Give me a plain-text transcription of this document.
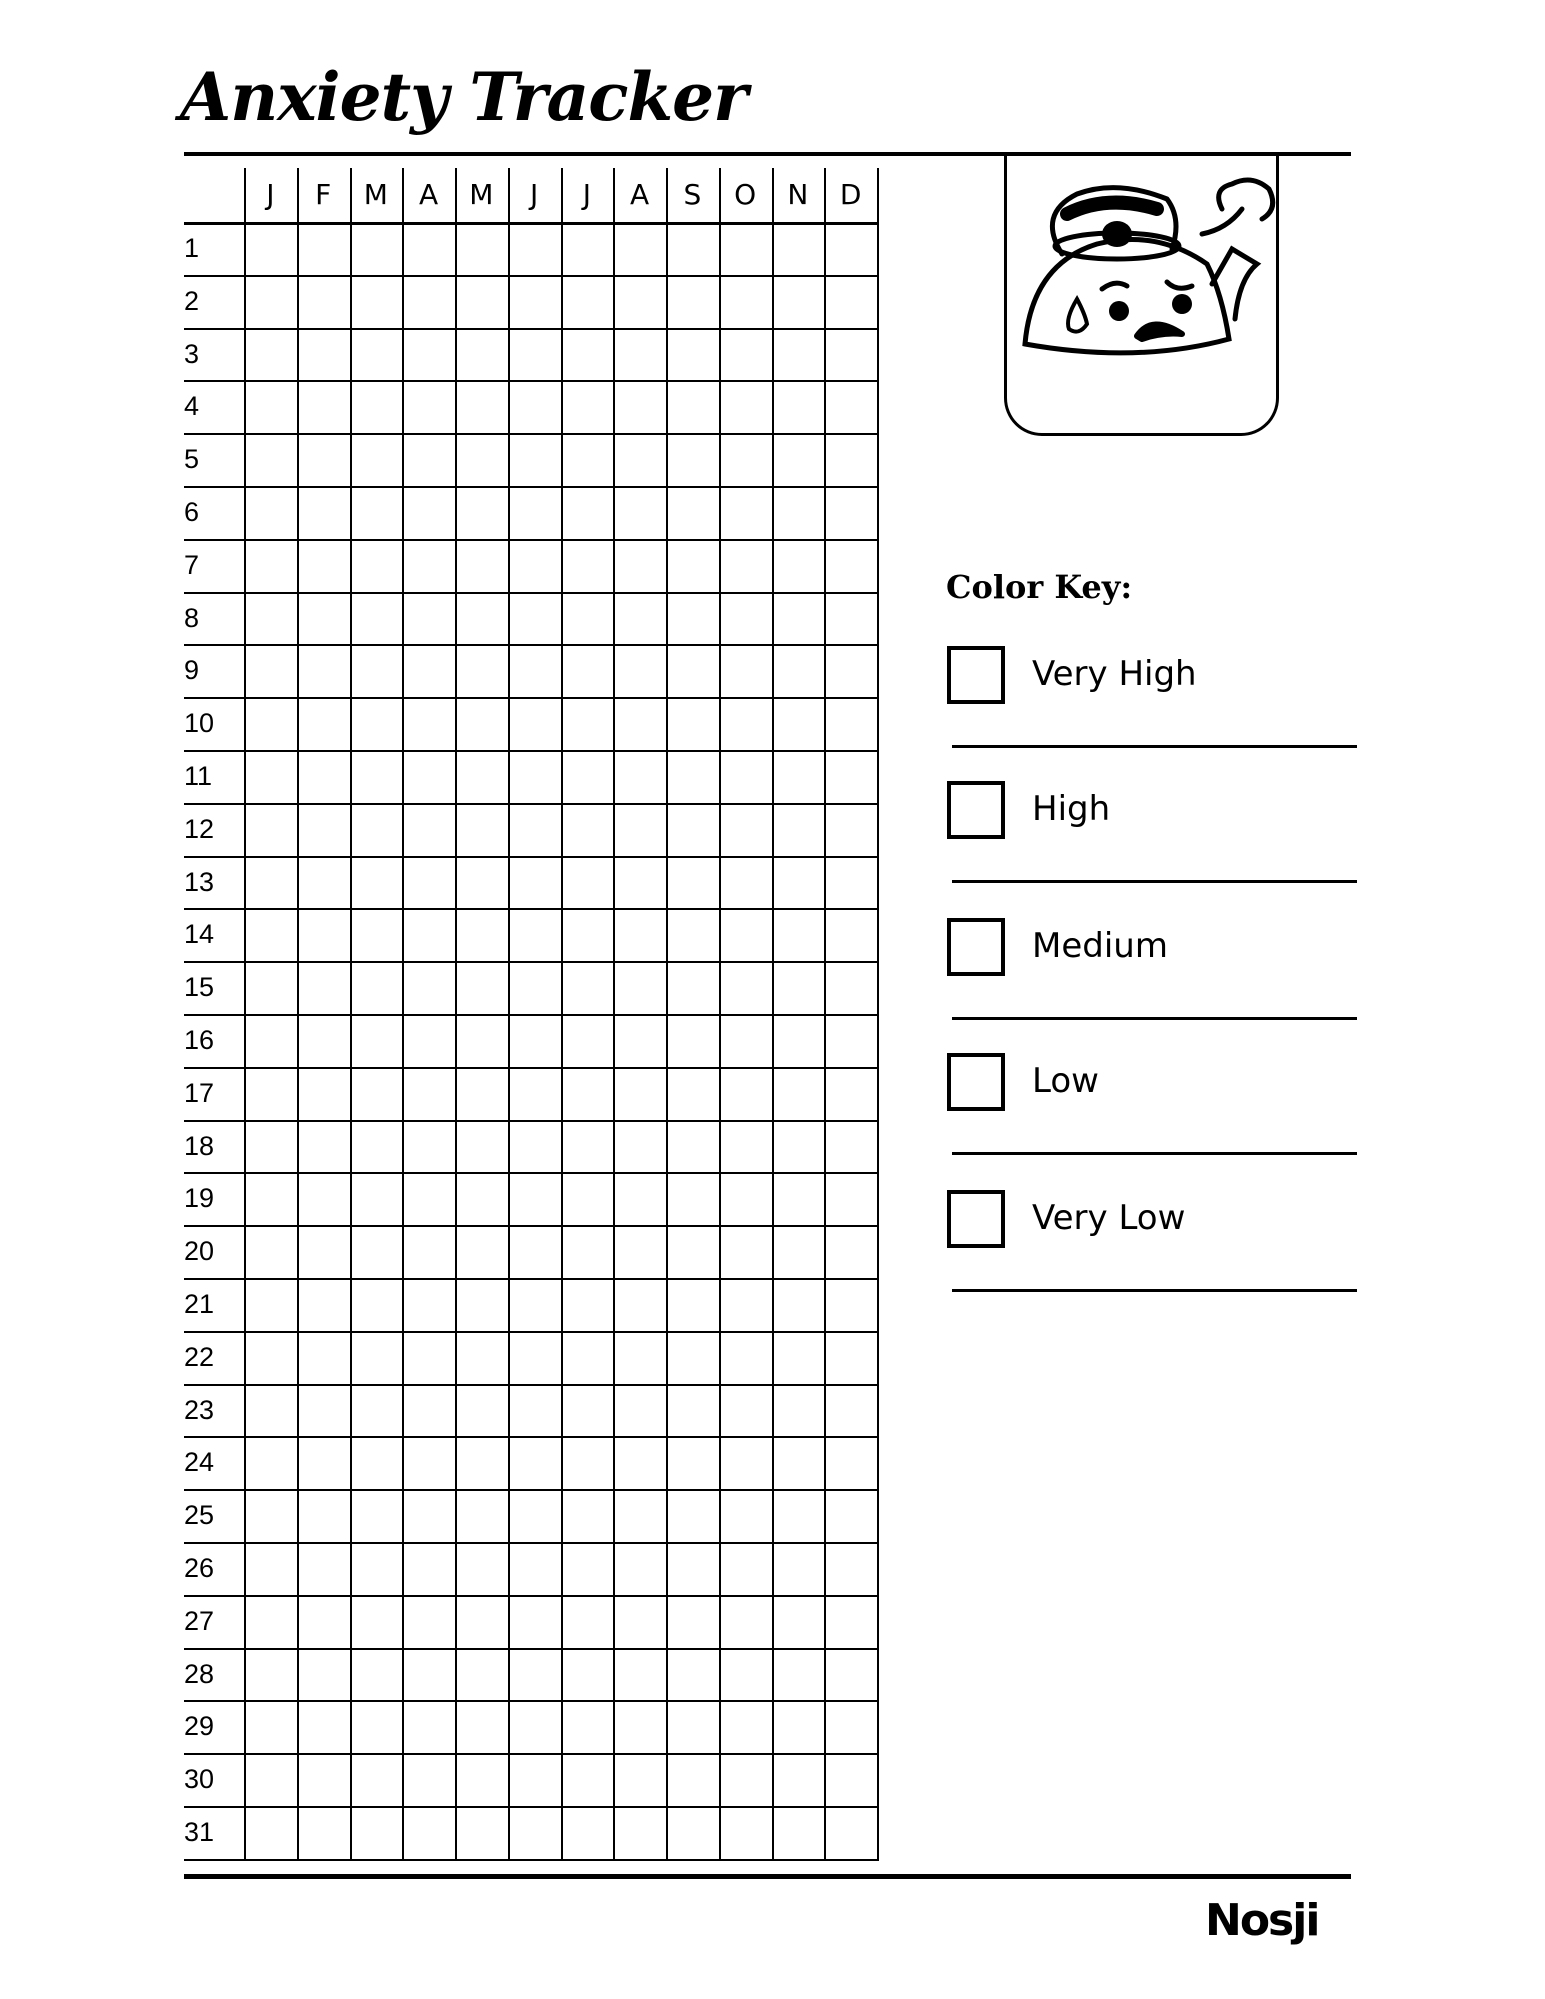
Anxiety Tracker
J	F	M	A	M	J	J	A	S	O	N	D
1
2
3
4
5
6
7
8
9
10
11
12
13
14
15
16
17
18
19
20
21
22
23
24
25
26
27
28
29
30
31
Color Key:
Very High
High
Medium
Low
Very Low
Nosji
